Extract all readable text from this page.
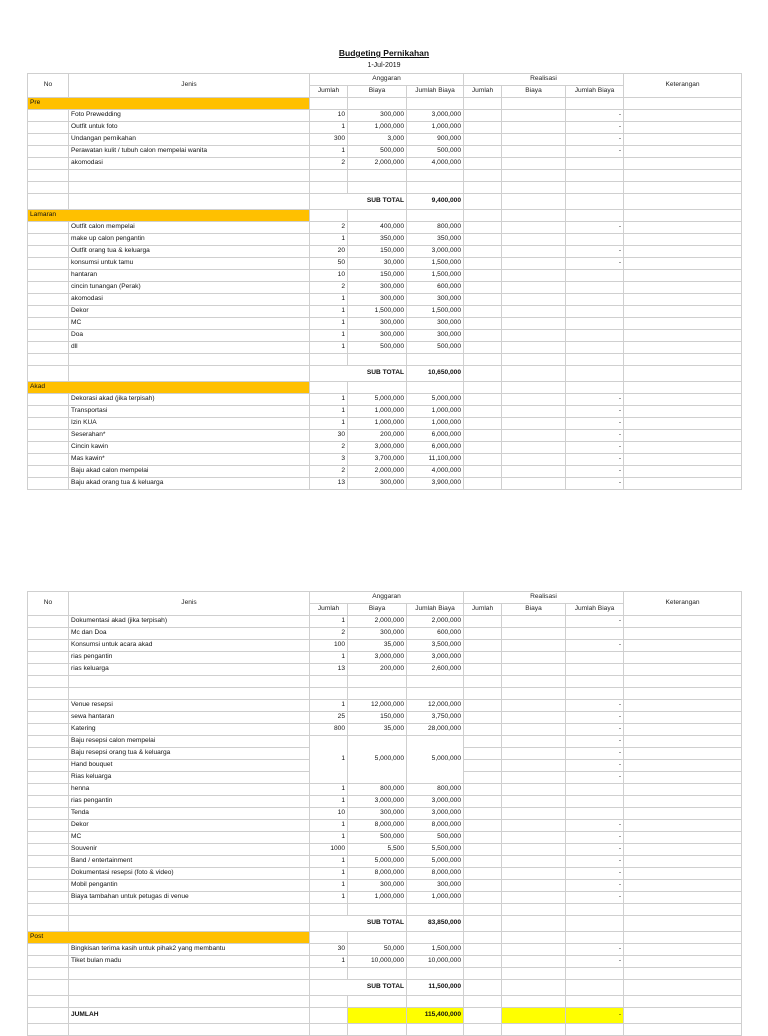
Budgeting Pernikahan
1-Jul-2019
No	Jenis	Anggaran			Realisasi			Keterangan
		Jumlah	Biaya	Jumlah Biaya	Jumlah	Biaya	Jumlah Biaya	
Pre								
	Foto Prewedding	10	300,000	3,000,000			-	
	Outfit untuk foto	1	1,000,000	1,000,000			-	
	Undangan pernikahan	300	3,000	900,000			-	
	Perawatan kulit / tubuh calon mempelai wanita	1	500,000	500,000			-	
	akomodasi	2	2,000,000	4,000,000				

		SUB TOTAL		9,400,000				
Lamaran								
	Outfit calon mempelai	2	400,000	800,000			-	
	make up calon pengantin	1	350,000	350,000				
	Outfit orang tua & keluarga	20	150,000	3,000,000			-	
	konsumsi untuk tamu	50	30,000	1,500,000			-	
	hantaran	10	150,000	1,500,000				
	cincin tunangan (Perak)	2	300,000	600,000				
	akomodasi	1	300,000	300,000				
	Dekor	1	1,500,000	1,500,000				
	MC	1	300,000	300,000				
	Doa	1	300,000	300,000				
	dll	1	500,000	500,000				

		SUB TOTAL		10,650,000				
Akad								
	Dekorasi akad (jika terpisah)	1	5,000,000	5,000,000			-	
	Transportasi	1	1,000,000	1,000,000			-	
	Izin KUA	1	1,000,000	1,000,000			-	
	Seserahan*	30	200,000	6,000,000			-	
	Cincin kawin	2	3,000,000	6,000,000			-	
	Mas kawin*	3	3,700,000	11,100,000			-	
	Baju akad calon mempelai	2	2,000,000	4,000,000			-	
	Baju akad orang tua & keluarga	13	300,000	3,900,000			-	
No	Jenis	Anggaran			Realisasi			Keterangan
		Jumlah	Biaya	Jumlah Biaya	Jumlah	Biaya	Jumlah Biaya	
	Dokumentasi akad (jika terpisah)	1	2,000,000	2,000,000			-	
	Mc dan Doa	2	300,000	600,000				
	Konsumsi untuk acara akad	100	35,000	3,500,000			-	
	rias pengantin	1	3,000,000	3,000,000				
	rias keluarga	13	200,000	2,600,000				

	Venue resepsi	1	12,000,000	12,000,000			-	
	sewa hantaran	25	150,000	3,750,000			-	
	Katering	800	35,000	28,000,000			-	
	Baju resepsi calon mempelai	1	5,000,000	5,000,000			-	
	Baju resepsi orang tua & keluarga						-	
	Hand bouquet						-	
	Rias keluarga						-	
	henna	1	800,000	800,000				
	rias pengantin	1	3,000,000	3,000,000				
	Tenda	10	300,000	3,000,000				
	Dekor	1	8,000,000	8,000,000			-	
	MC	1	500,000	500,000			-	
	Souvenir	1000	5,500	5,500,000			-	
	Band / entertainment	1	5,000,000	5,000,000			-	
	Dokumentasi resepsi (foto & video)	1	8,000,000	8,000,000			-	
	Mobil pengantin	1	300,000	300,000			-	
	Biaya tambahan untuk petugas di venue	1	1,000,000	1,000,000			-	

		SUB TOTAL		83,850,000				
Post								
	Bingkisan terima kasih untuk pihak2 yang membantu	30	50,000	1,500,000			-	
	Tiket bulan madu	1	10,000,000	10,000,000			-	

		SUB TOTAL		11,500,000				

	JUMLAH			115,400,000			-	
